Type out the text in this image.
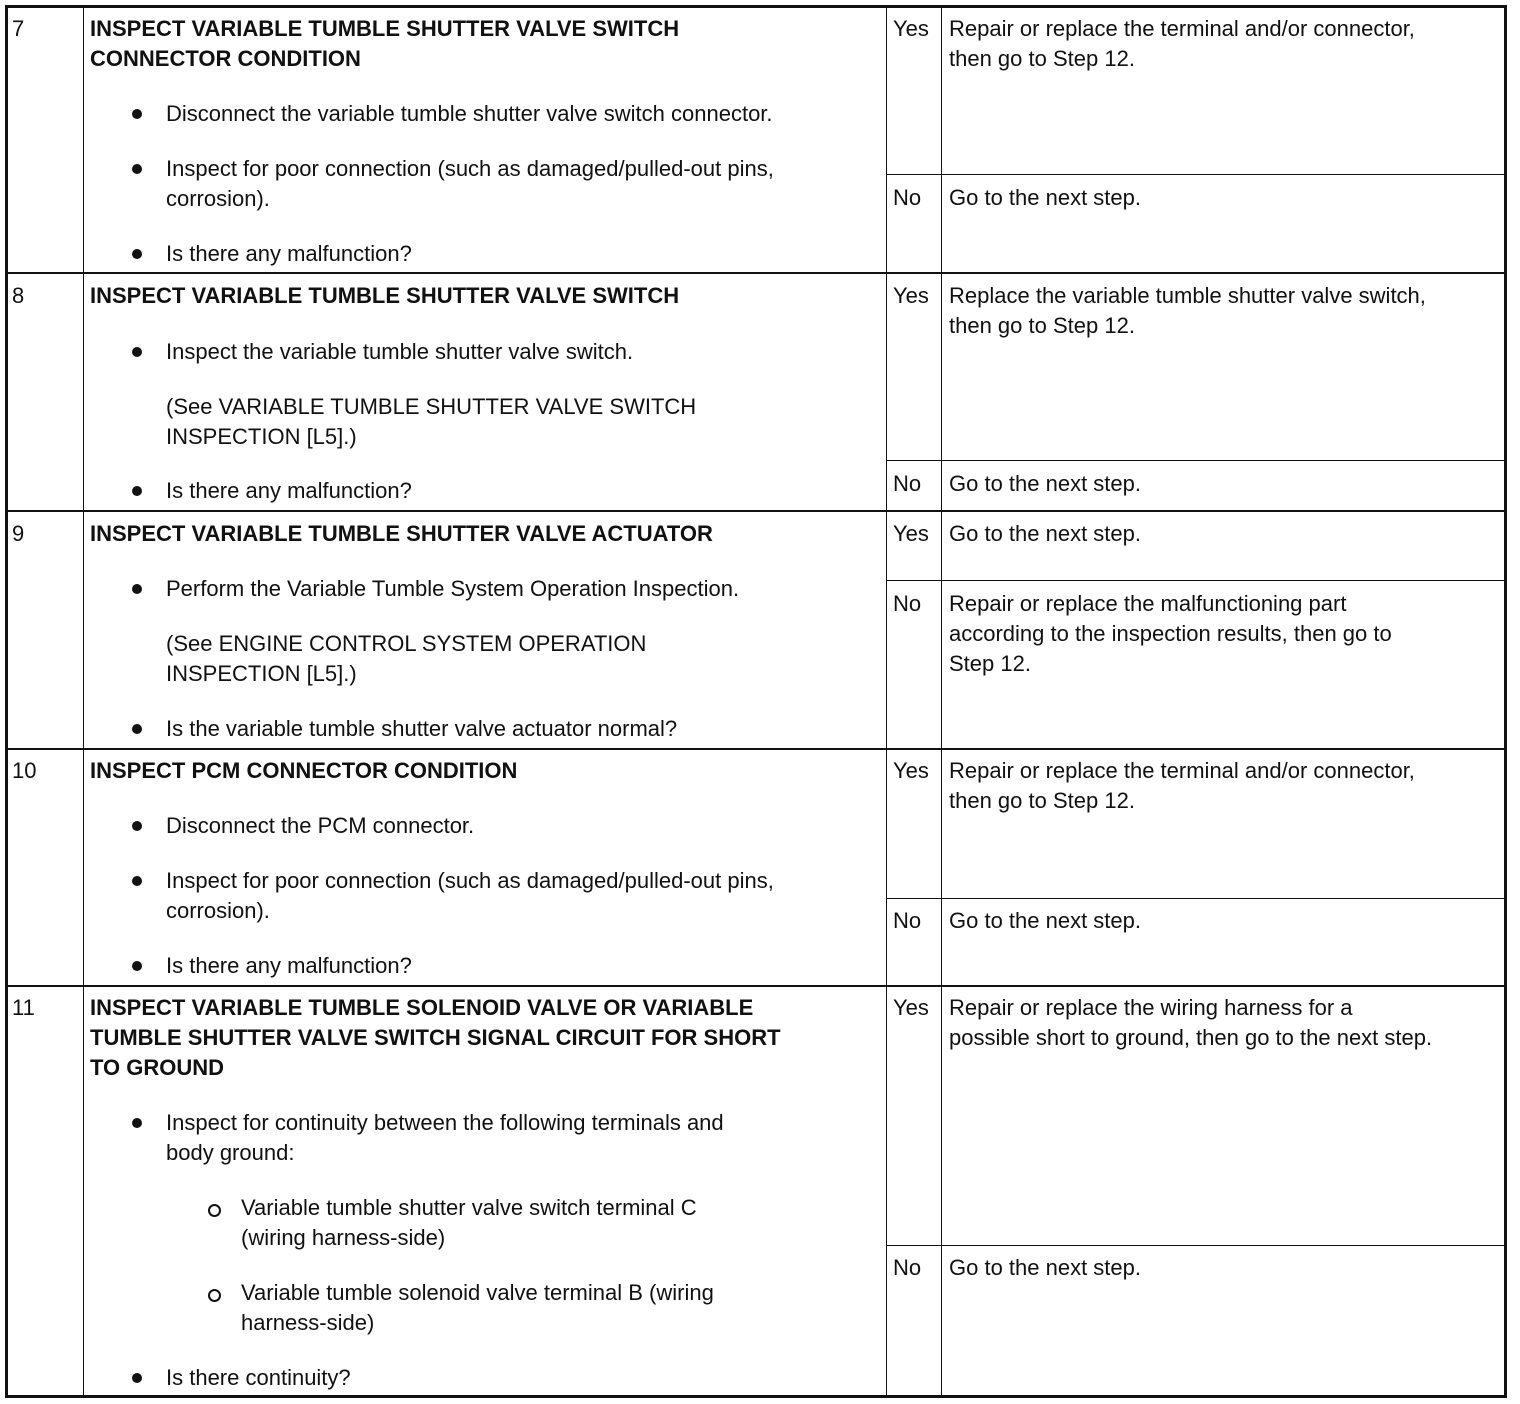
7	INSPECT VARIABLE TUMBLE SHUTTER VALVE SWITCH
CONNECTOR CONDITION
Disconnect the variable tumble shutter valve switch connector.
Inspect for poor connection (such as damaged/pulled-out pins,
corrosion).
Is there any malfunction?
Yes Repair or replace the terminal and/or connector,
then go to Step 12.
No Go to the next step.
8	INSPECT VARIABLE TUMBLE SHUTTER VALVE SWITCH
Inspect the variable tumble shutter valve switch.
(See VARIABLE TUMBLE SHUTTER VALVE SWITCH
INSPECTION [L5].)
Is there any malfunction?
Yes Replace the variable tumble shutter valve switch,
then go to Step 12.
No Go to the next step.
9	INSPECT VARIABLE TUMBLE SHUTTER VALVE ACTUATOR
Perform the Variable Tumble System Operation Inspection.
(See ENGINE CONTROL SYSTEM OPERATION
INSPECTION [L5].)
Is the variable tumble shutter valve actuator normal?
Yes Go to the next step.
No Repair or replace the malfunctioning part
according to the inspection results, then go to
Step 12.
10 INSPECT PCM CONNECTOR CONDITION
Disconnect the PCM connector.
Inspect for poor connection (such as damaged/pulled-out pins,
corrosion).
Is there any malfunction?
Yes Repair or replace the terminal and/or connector,
then go to Step 12.
No Go to the next step.
11	INSPECT VARIABLE TUMBLE SOLENOID VALVE OR VARIABLE
TUMBLE SHUTTER VALVE SWITCH SIGNAL CIRCUIT FOR SHORT
TO GROUND
Inspect for continuity between the following terminals and
body ground:
Variable tumble shutter valve switch terminal C
(wiring harness-side)
Variable tumble solenoid valve terminal B (wiring
harness-side)
Is there continuity?
Yes Repair or replace the wiring harness for a
possible short to ground, then go to the next step.
No Go to the next step.
